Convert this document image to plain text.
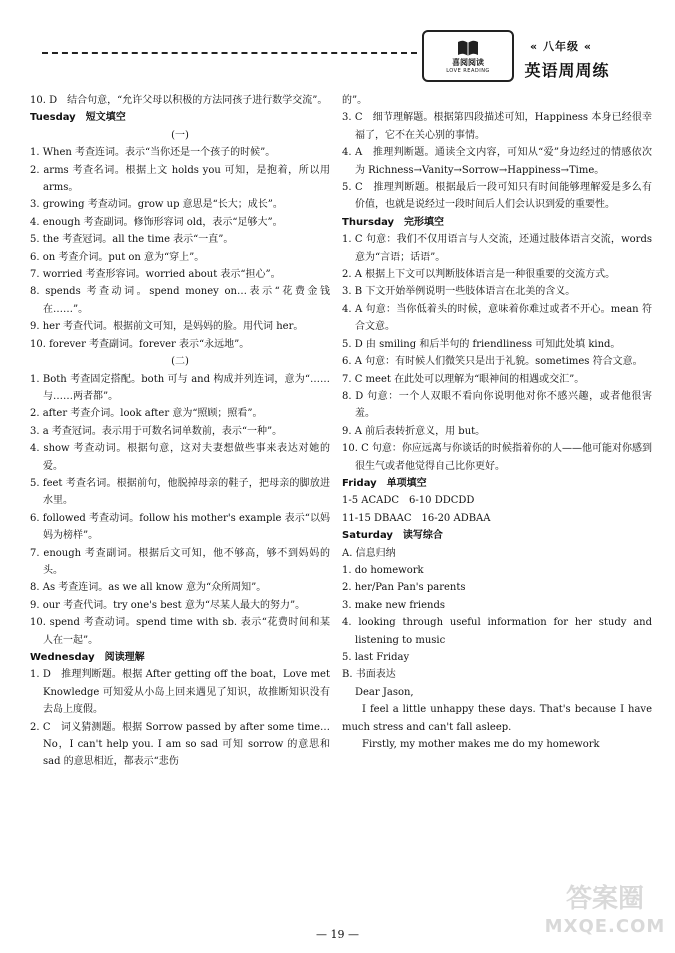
喜阅阅读
LOVE READING
« 八年级 «
英语周周练

10. D　结合句意，“允许父母以积极的方法同孩子进行数学交流”。

Tuesday　短文填空

(一)

1. When 考查连词。表示“当你还是一个孩子的时候”。

2. arms 考查名词。根据上文 holds you 可知，是抱着，所以用 arms。

3. growing 考查动词。grow up 意思是“长大；成长”。

4. enough 考查副词。修饰形容词 old，表示“足够大”。

5. the 考查冠词。all the time 表示“一直”。

6. on 考查介词。put on 意为“穿上”。

7. worried 考查形容词。worried about 表示“担心”。

8. spends 考查动词。spend money on…表示“花费金钱在……”。

9. her 考查代词。根据前文可知，是妈妈的脸。用代词 her。

10. forever 考查副词。forever 表示“永远地”。

(二)

1. Both 考查固定搭配。both 可与 and 构成并列连词，意为“……与……两者都”。

2. after 考查介词。look after 意为“照顾；照看”。

3. a 考查冠词。表示用于可数名词单数前，表示“一种”。

4. show 考查动词。根据句意，这对夫妻想做些事来表达对她的爱。

5. feet 考查名词。根据前句，他脱掉母亲的鞋子，把母亲的脚放进水里。

6. followed 考查动词。follow his mother's example 表示“以妈妈为榜样”。

7. enough 考查副词。根据后文可知，他不够高，够不到妈妈的头。

8. As 考查连词。as we all know 意为“众所周知”。

9. our 考查代词。try one's best 意为“尽某人最大的努力”。

10. spend 考查动词。spend time with sb. 表示“花费时间和某人在一起”。

Wednesday　阅读理解

1. D　推理判断题。根据 After getting off the boat，Love met Knowledge 可知爱从小岛上回来遇见了知识，故推断知识没有去岛上度假。

2. C　词义猜测题。根据 Sorrow passed by after some time…No，I can't help you. I am so sad 可知 sorrow 的意思和 sad 的意思相近，都表示“悲伤

的”。

3. C　细节理解题。根据第四段描述可知，Happiness 本身已经很幸福了，它不在关心别的事情。

4. A　推理判断题。通读全文内容，可知从“爱”身边经过的情感依次为 Richness→Vanity→Sorrow→Happiness→Time。

5. C　推理判断题。根据最后一段可知只有时间能够理解爱是多么有价值，也就是说经过一段时间后人们会认识到爱的重要性。

Thursday　完形填空

1. C 句意：我们不仅用语言与人交流，还通过肢体语言交流，words 意为“言语；话语”。

2. A 根据上下文可以判断肢体语言是一种很重要的交流方式。

3. B 下文开始举例说明一些肢体语言在北美的含义。

4. A 句意：当你低着头的时候，意味着你难过或者不开心。mean 符合文意。

5. D 由 smiling 和后半句的 friendliness 可知此处填 kind。

6. A 句意：有时候人们微笑只是出于礼貌。sometimes 符合文意。

7. C meet 在此处可以理解为“眼神间的相遇或交汇”。

8. D 句意：一个人双眼不看向你说明他对你不感兴趣，或者他很害羞。

9. A 前后表转折意义，用 but。

10. C 句意：你应远离与你谈话的时候指着你的人——他可能对你感到很生气或者他觉得自己比你更好。

Friday　单项填空

1-5 ACADC　6-10 DDCDD

11-15 DBAAC　16-20 ADBAA

Saturday　读写综合

A. 信息归纳

1. do homework

2. her/Pan Pan's parents

3. make new friends

4. looking through useful information for her study and listening to music

5. last Friday

B. 书面表达

Dear Jason,

I feel a little unhappy these days. That's because I have much stress and can't fall asleep.

Firstly, my mother makes me do my homework

— 19 —
答案圈
MXQE.COM
